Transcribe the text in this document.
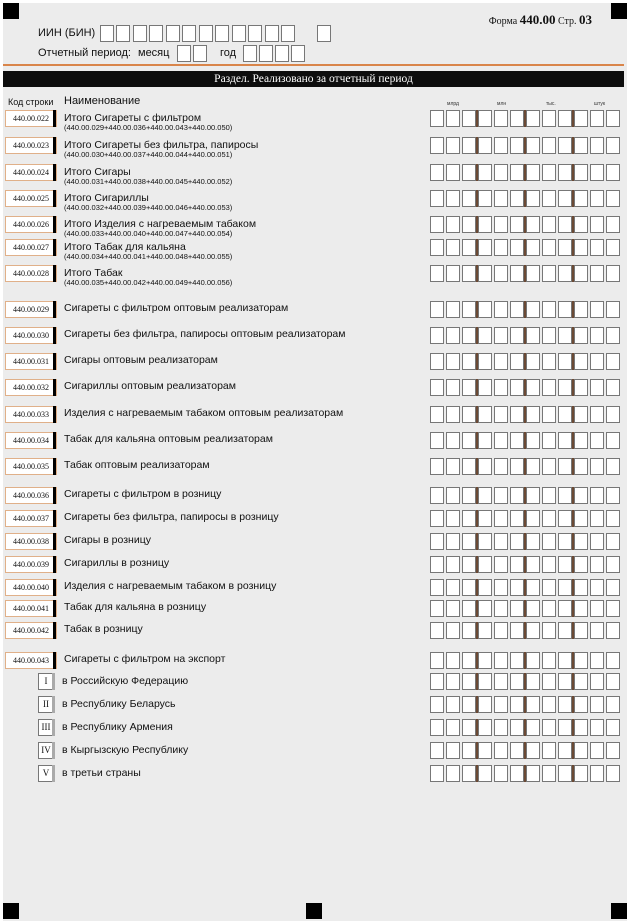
Форма 440.00 Стр. 03
ИИН (БИН)
Отчетный период: месяц	год
Раздел. Реализовано за отчетный период
Код строки Наименование	млрд	млн	тыс.	штук
440.00.022	Итого Сигареты с фильтром
(440.00.029+440.00.036+440.00.043+440.00.050)
440.00.023	Итого Сигареты без фильтра, папиросы
(440.00.030+440.00.037+440.00.044+440.00.051)
440.00.024	Итого Сигары
(440.00.031+440.00.038+440.00.045+440.00.052)
440.00.025	Итого Сигариллы
(440.00.032+440.00.039+440.00.046+440.00.053)
440.00.026	Итого Изделия с нагреваемым табаком
(440.00.033+440.00.040+440.00.047+440.00.054)
440.00.027	Итого Табак для кальяна
(440.00.034+440.00.041+440.00.048+440.00.055)
440.00.028	Итого Табак
(440.00.035+440.00.042+440.00.049+440.00.056)
440.00.029	Сигареты с фильтром оптовым реализаторам
440.00.030	Сигареты без фильтра, папиросы оптовым реализаторам
440.00.031	Сигары оптовым реализаторам
440.00.032	Сигариллы оптовым реализаторам
440.00.033	Изделия с нагреваемым табаком оптовым реализаторам
440.00.034	Табак для кальяна оптовым реализаторам
440.00.035	Табак оптовым реализаторам
440.00.036	Сигареты с фильтром в розницу
440.00.037	Сигареты без фильтра, папиросы в розницу
440.00.038	Сигары в розницу
440.00.039	Сигариллы в розницу
440.00.040	Изделия с нагреваемым табаком в розницу
440.00.041	Табак для кальяна в розницу
440.00.042	Табак в розницу
440.00.043	Сигареты с фильтром на экспорт
I	в Российскую Федерацию
II	в Республику Беларусь
III	в Республику Армения
IV	в Кыргызскую Республику
V	в третьи страны
